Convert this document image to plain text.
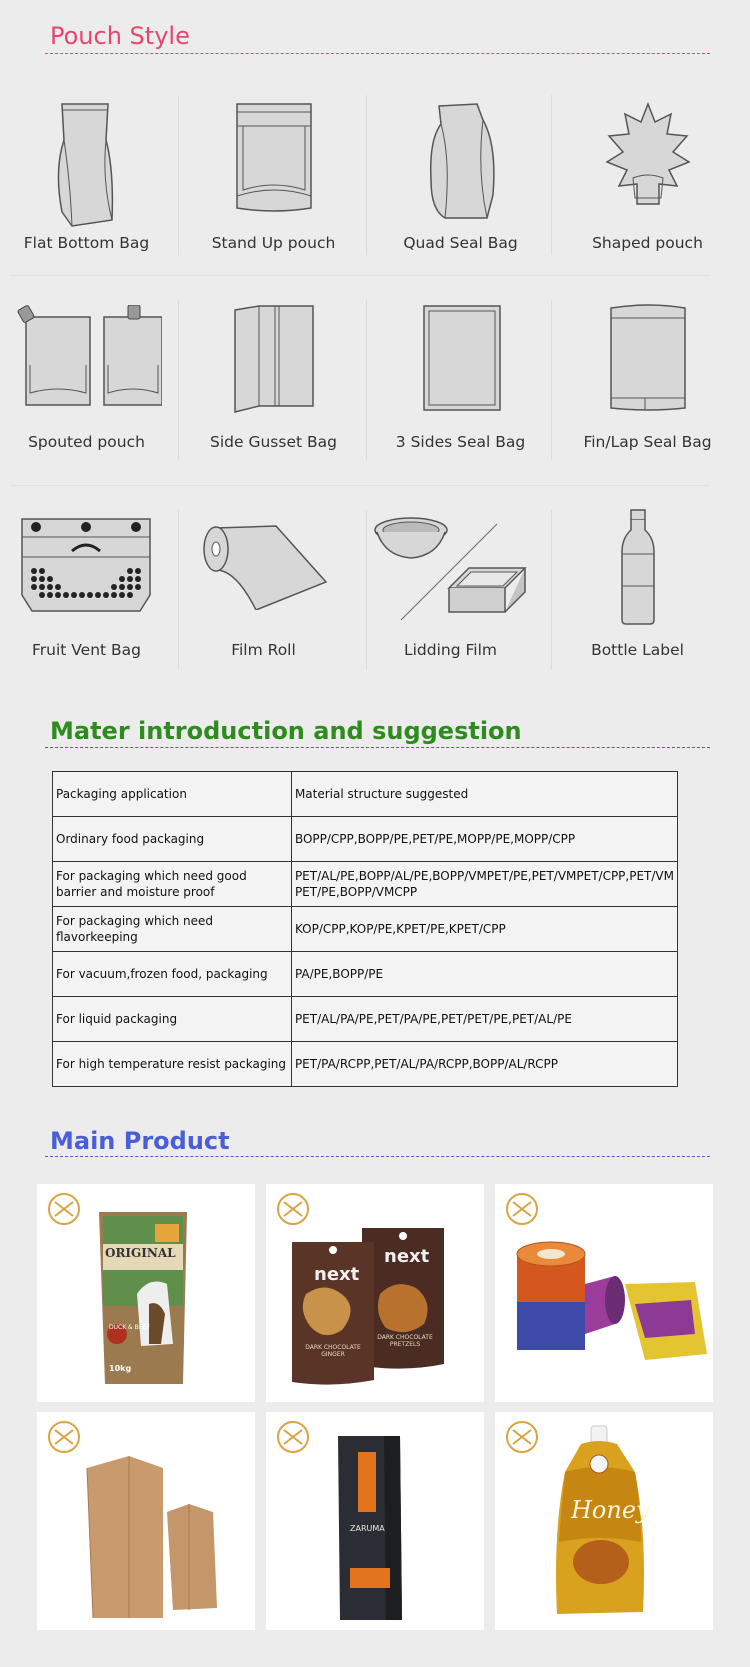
Pouch Style
Flat Bottom Bag	Stand Up pouch	Quad Seal Bag	Shaped pouch
Spouted pouch	Side Gusset Bag	3 Sides Seal Bag	Fin/Lap Seal Bag
Fruit Vent Bag	Film Roll	Lidding Film	Bottle Label
Mater introduction and suggestion
Packaging application	Material structure suggested
Ordinary food packaging	BOPP/CPP,BOPP/PE,PET/PE,MOPP/PE,MOPP/CPP
For packaging which need good barrier and moisture proof	PET/AL/PE,BOPP/AL/PE,BOPP/VMPET/PE,PET/VMPET/CPP,PET/VM PET/PE,BOPP/VMCPP
For packaging which need flavorkeeping	KOP/CPP,KOP/PE,KPET/PE,KPET/CPP
For vacuum,frozen food, packaging	PA/PE,BOPP/PE
For liquid packaging	PET/AL/PA/PE,PET/PA/PE,PET/PET/PE,PET/AL/PE
For high temperature resist packaging	PET/PA/RCPP,PET/AL/PA/RCPP,BOPP/AL/RCPP
Main Product
ORIGINAL
DUCK & BEEF
10kg
next
next
DARK CHOCOLATE GINGER
DARK CHOCOLATE PRETZELS
ZARUMA
Honey
